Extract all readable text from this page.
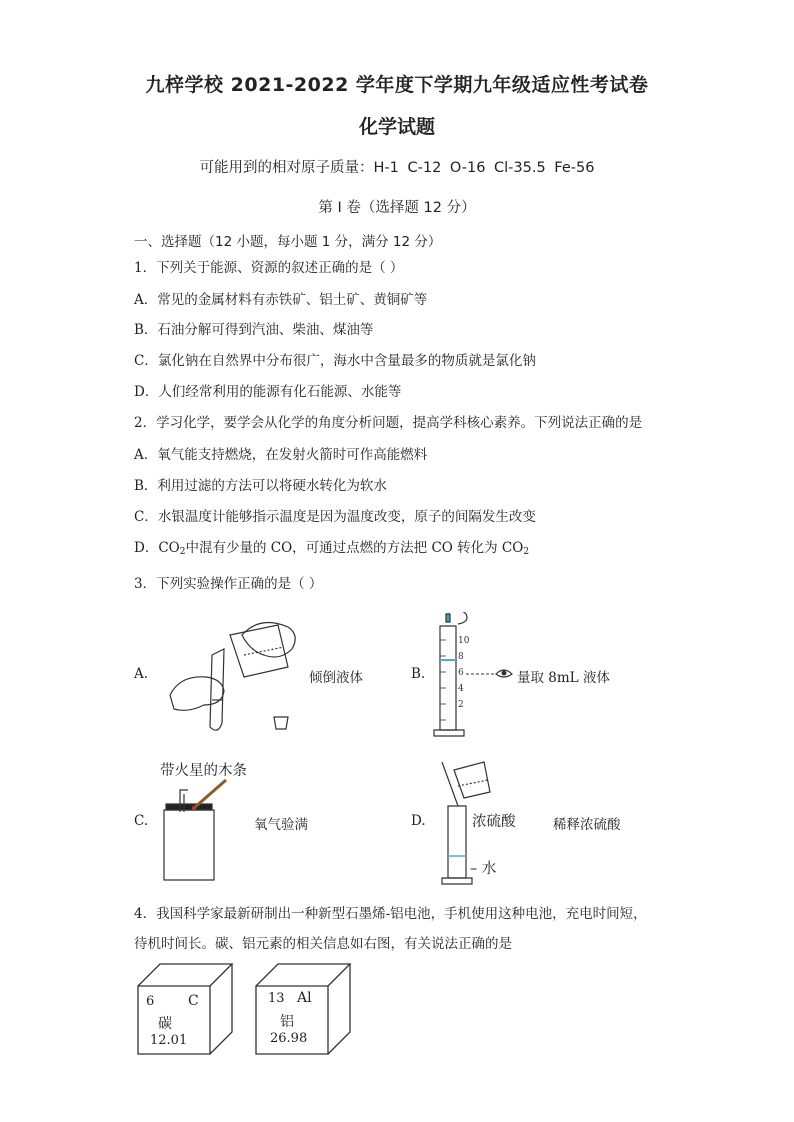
九梓学校 2021-2022 学年度下学期九年级适应性考试卷
化学试题
可能用到的相对原子质量：H-1 C-12 O-16 Cl-35.5 Fe-56
第 I 卷（选择题 12 分）
一、选择题（12 小题，每小题 1 分，满分 12 分）
1．下列关于能源、资源的叙述正确的是（ ）
A．常见的金属材料有赤铁矿、铝土矿、黄铜矿等
B．石油分解可得到汽油、柴油、煤油等
C．氯化钠在自然界中分布很广，海水中含量最多的物质就是氯化钠
D．人们经常利用的能源有化石能源、水能等
2．学习化学，要学会从化学的角度分析问题，提高学科核心素养。下列说法正确的是
A．氧气能支持燃烧，在发射火箭时可作高能燃料
B．利用过滤的方法可以将硬水转化为软水
C．水银温度计能够指示温度是因为温度改变，原子的间隔发生改变
D．$CO_2$中混有少量的 CO，可通过点燃的方法把 CO 转化为 $CO_2$
3．下列实验操作正确的是（ ）
A.	倾倒液体	B.
10
8
6
4
2
量取 8mL 液体
带火星的木条
C.	氧气验满	D.	浓硫酸
– 水
稀释浓硫酸
4．我国科学家最新研制出一种新型石墨烯-铝电池，手机使用这种电池，充电时间短，
待机时间长。碳、铝元素的相关信息如右图，有关说法正确的是
6 C
碳
12.01
13 Al
铝
26.98
